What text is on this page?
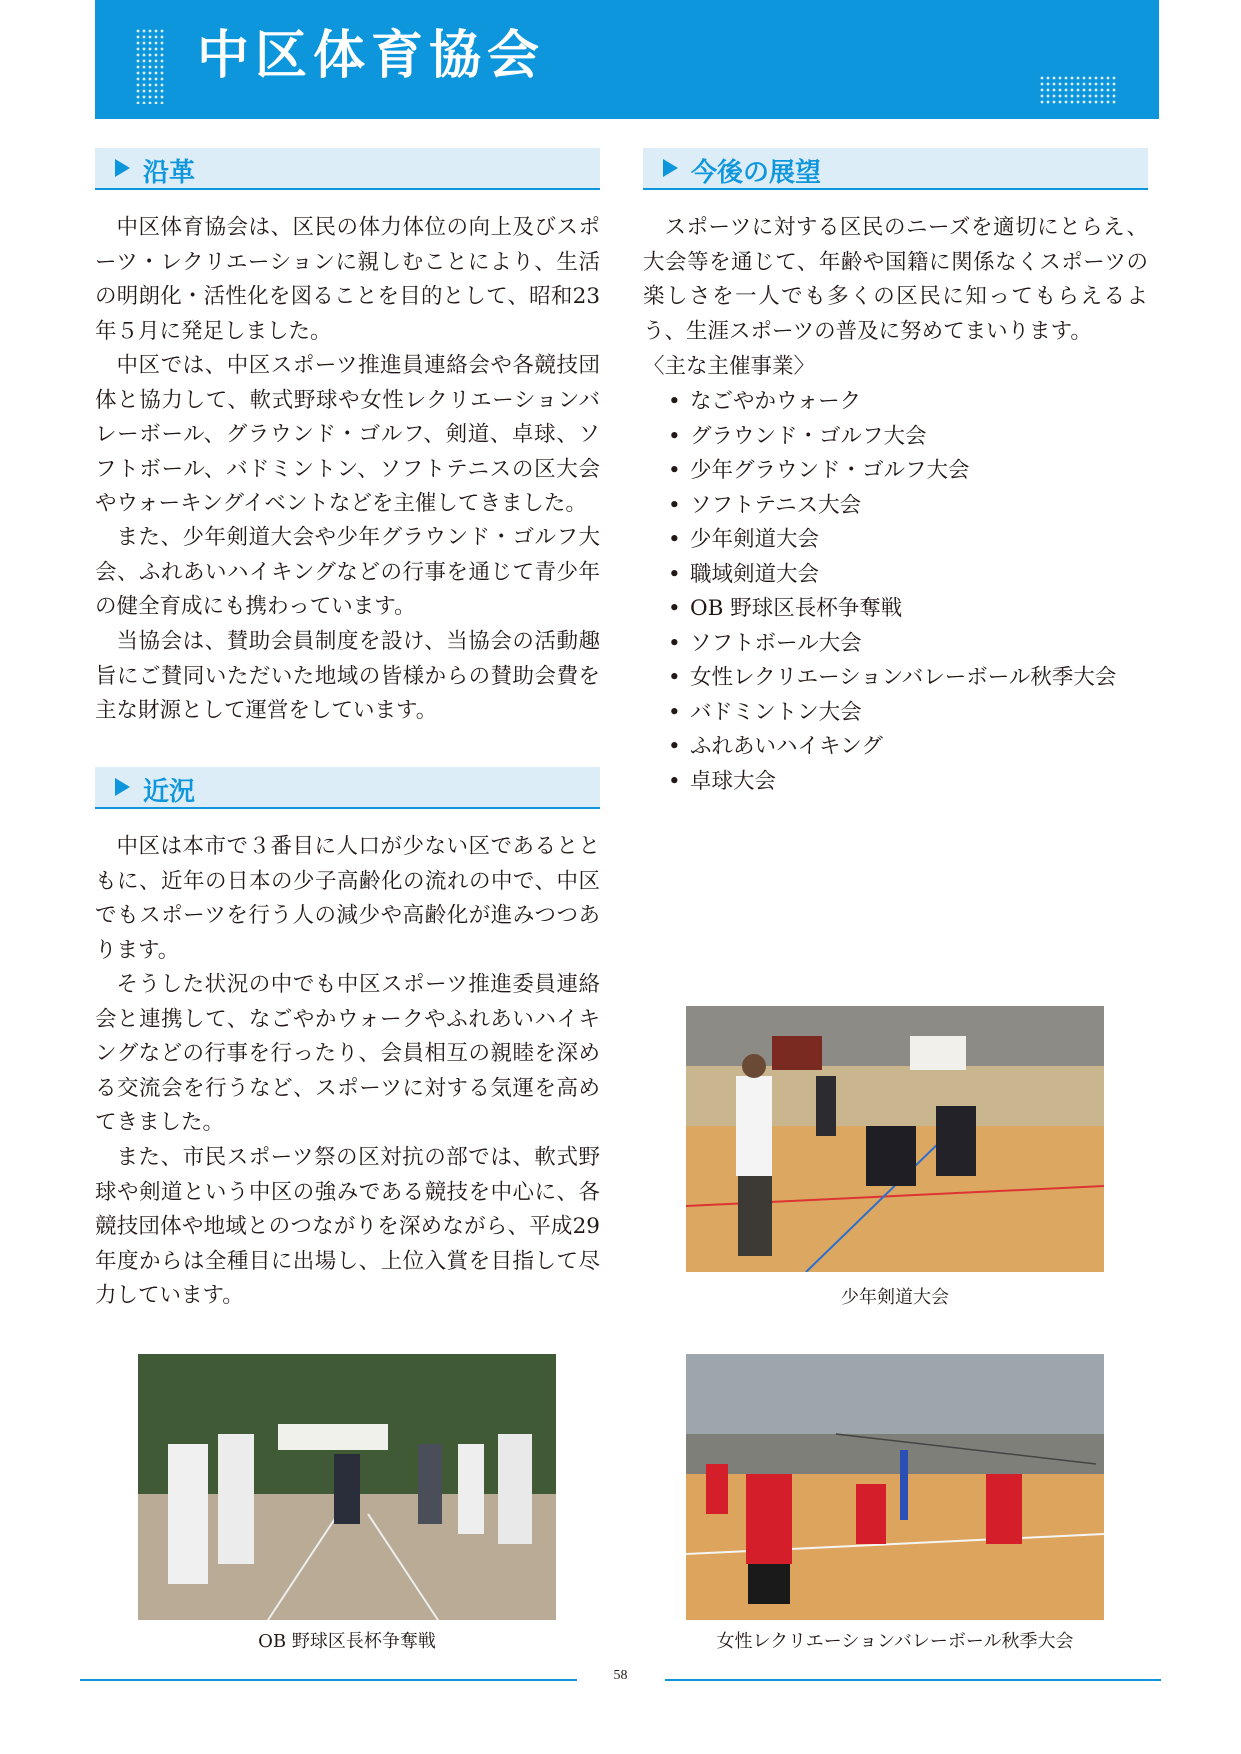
中区体育協会
沿革

中区体育協会は、区民の体力体位の向上及びスポーツ・レクリエーションに親しむことにより、生活の明朗化・活性化を図ることを目的として、昭和23年５月に発足しました。

中区では、中区スポーツ推進員連絡会や各競技団体と協力して、軟式野球や女性レクリエーションバレーボール、グラウンド・ゴルフ、剣道、卓球、ソフトボール、バドミントン、ソフトテニスの区大会やウォーキングイベントなどを主催してきました。

また、少年剣道大会や少年グラウンド・ゴルフ大会、ふれあいハイキングなどの行事を通じて青少年の健全育成にも携わっています。

当協会は、賛助会員制度を設け、当協会の活動趣旨にご賛同いただいた地域の皆様からの賛助会費を主な財源として運営をしています。

近況

中区は本市で３番目に人口が少ない区であるとともに、近年の日本の少子高齢化の流れの中で、中区でもスポーツを行う人の減少や高齢化が進みつつあります。

そうした状況の中でも中区スポーツ推進委員連絡会と連携して、なごやかウォークやふれあいハイキングなどの行事を行ったり、会員相互の親睦を深める交流会を行うなど、スポーツに対する気運を高めてきました。

また、市民スポーツ祭の区対抗の部では、軟式野球や剣道という中区の強みである競技を中心に、各競技団体や地域とのつながりを深めながら、平成29年度からは全種目に出場し、上位入賞を目指して尽力しています。

今後の展望

スポーツに対する区民のニーズを適切にとらえ、大会等を通じて、年齢や国籍に関係なくスポーツの楽しさを一人でも多くの区民に知ってもらえるよう、生涯スポーツの普及に努めてまいります。

〈主な主催事業〉

• なごやかウォーク
• グラウンド・ゴルフ大会
• 少年グラウンド・ゴルフ大会
• ソフトテニス大会
• 少年剣道大会
• 職域剣道大会
• OB 野球区長杯争奪戦
• ソフトボール大会
• 女性レクリエーションバレーボール秋季大会
• バドミントン大会
• ふれあいハイキング
• 卓球大会
少年剣道大会
OB 野球区長杯争奪戦	女性レクリエーションバレーボール秋季大会
58
